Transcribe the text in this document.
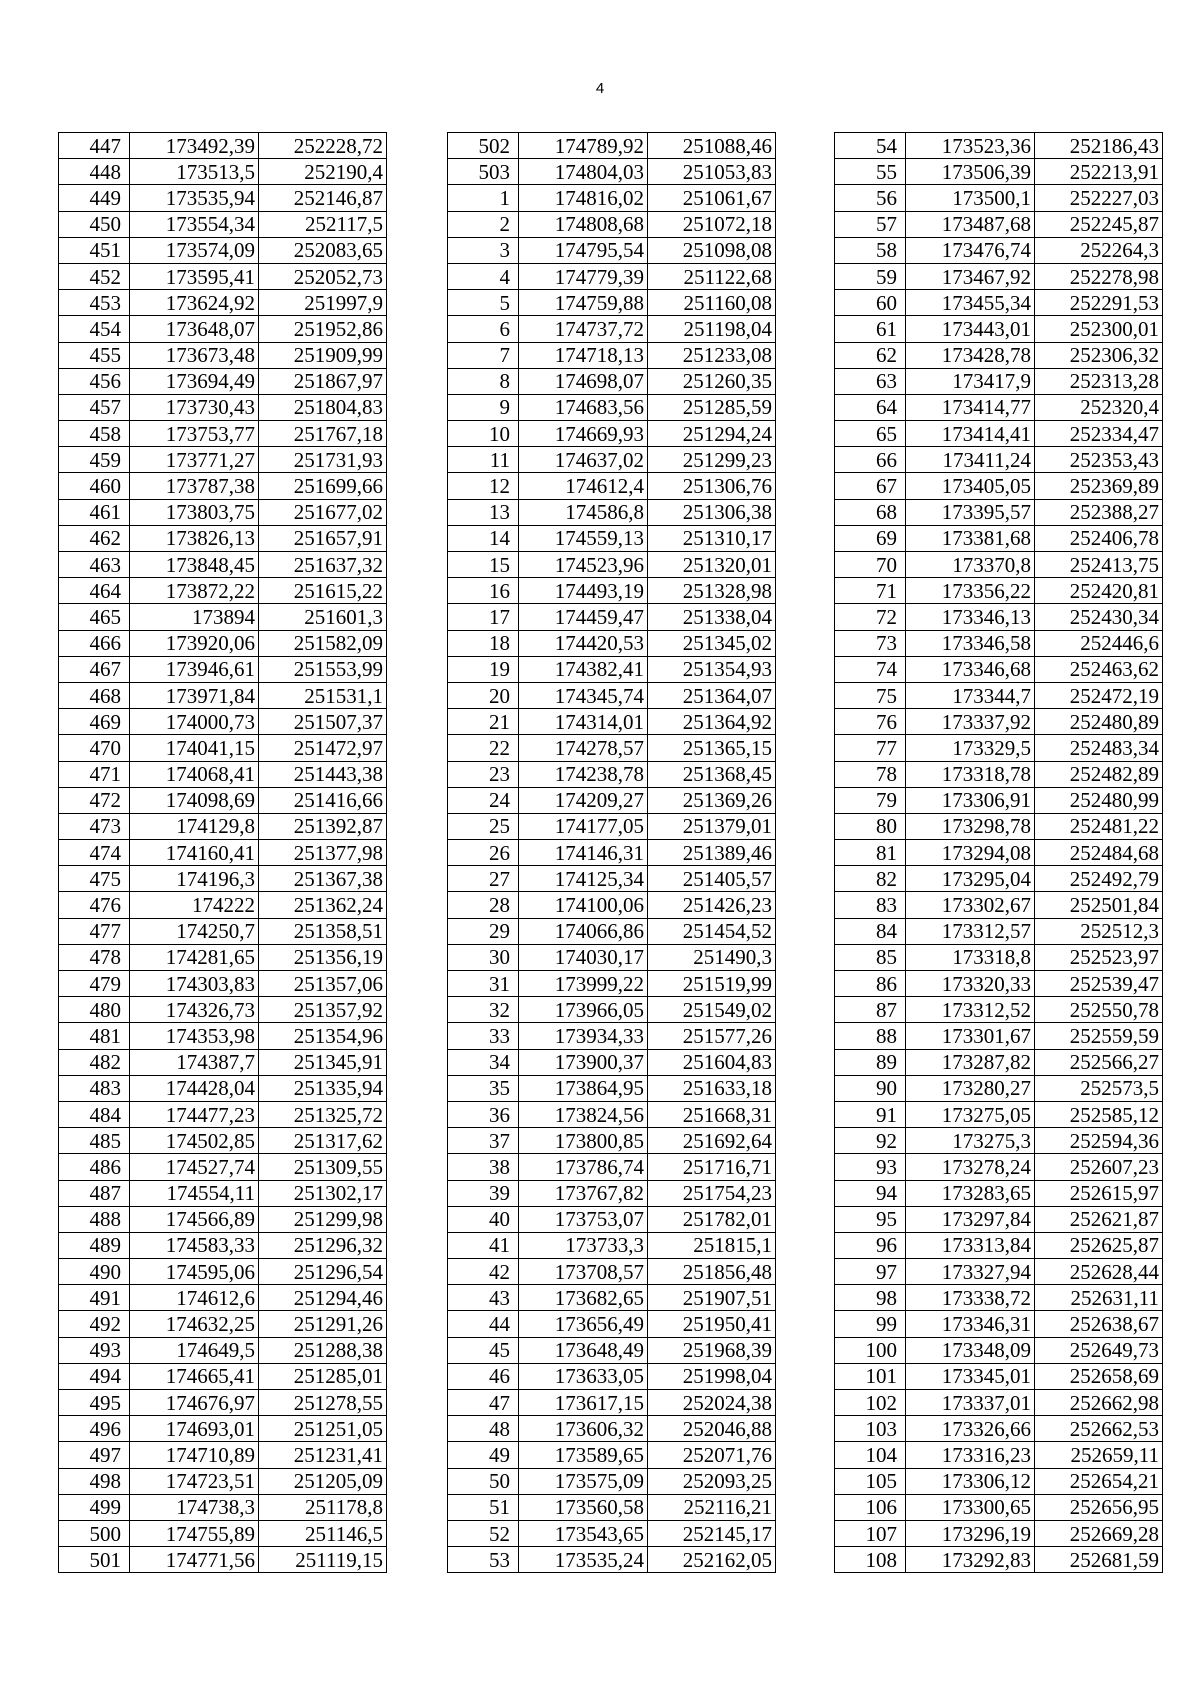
4
447	173492,39	252228,72
448	173513,5	252190,4
449	173535,94	252146,87
450	173554,34	252117,5
451	173574,09	252083,65
452	173595,41	252052,73
453	173624,92	251997,9
454	173648,07	251952,86
455	173673,48	251909,99
456	173694,49	251867,97
457	173730,43	251804,83
458	173753,77	251767,18
459	173771,27	251731,93
460	173787,38	251699,66
461	173803,75	251677,02
462	173826,13	251657,91
463	173848,45	251637,32
464	173872,22	251615,22
465	173894	251601,3
466	173920,06	251582,09
467	173946,61	251553,99
468	173971,84	251531,1
469	174000,73	251507,37
470	174041,15	251472,97
471	174068,41	251443,38
472	174098,69	251416,66
473	174129,8	251392,87
474	174160,41	251377,98
475	174196,3	251367,38
476	174222	251362,24
477	174250,7	251358,51
478	174281,65	251356,19
479	174303,83	251357,06
480	174326,73	251357,92
481	174353,98	251354,96
482	174387,7	251345,91
483	174428,04	251335,94
484	174477,23	251325,72
485	174502,85	251317,62
486	174527,74	251309,55
487	174554,11	251302,17
488	174566,89	251299,98
489	174583,33	251296,32
490	174595,06	251296,54
491	174612,6	251294,46
492	174632,25	251291,26
493	174649,5	251288,38
494	174665,41	251285,01
495	174676,97	251278,55
496	174693,01	251251,05
497	174710,89	251231,41
498	174723,51	251205,09
499	174738,3	251178,8
500	174755,89	251146,5
501	174771,56	251119,15
502	174789,92	251088,46
503	174804,03	251053,83
1	174816,02	251061,67
2	174808,68	251072,18
3	174795,54	251098,08
4	174779,39	251122,68
5	174759,88	251160,08
6	174737,72	251198,04
7	174718,13	251233,08
8	174698,07	251260,35
9	174683,56	251285,59
10	174669,93	251294,24
11	174637,02	251299,23
12	174612,4	251306,76
13	174586,8	251306,38
14	174559,13	251310,17
15	174523,96	251320,01
16	174493,19	251328,98
17	174459,47	251338,04
18	174420,53	251345,02
19	174382,41	251354,93
20	174345,74	251364,07
21	174314,01	251364,92
22	174278,57	251365,15
23	174238,78	251368,45
24	174209,27	251369,26
25	174177,05	251379,01
26	174146,31	251389,46
27	174125,34	251405,57
28	174100,06	251426,23
29	174066,86	251454,52
30	174030,17	251490,3
31	173999,22	251519,99
32	173966,05	251549,02
33	173934,33	251577,26
34	173900,37	251604,83
35	173864,95	251633,18
36	173824,56	251668,31
37	173800,85	251692,64
38	173786,74	251716,71
39	173767,82	251754,23
40	173753,07	251782,01
41	173733,3	251815,1
42	173708,57	251856,48
43	173682,65	251907,51
44	173656,49	251950,41
45	173648,49	251968,39
46	173633,05	251998,04
47	173617,15	252024,38
48	173606,32	252046,88
49	173589,65	252071,76
50	173575,09	252093,25
51	173560,58	252116,21
52	173543,65	252145,17
53	173535,24	252162,05
54	173523,36	252186,43
55	173506,39	252213,91
56	173500,1	252227,03
57	173487,68	252245,87
58	173476,74	252264,3
59	173467,92	252278,98
60	173455,34	252291,53
61	173443,01	252300,01
62	173428,78	252306,32
63	173417,9	252313,28
64	173414,77	252320,4
65	173414,41	252334,47
66	173411,24	252353,43
67	173405,05	252369,89
68	173395,57	252388,27
69	173381,68	252406,78
70	173370,8	252413,75
71	173356,22	252420,81
72	173346,13	252430,34
73	173346,58	252446,6
74	173346,68	252463,62
75	173344,7	252472,19
76	173337,92	252480,89
77	173329,5	252483,34
78	173318,78	252482,89
79	173306,91	252480,99
80	173298,78	252481,22
81	173294,08	252484,68
82	173295,04	252492,79
83	173302,67	252501,84
84	173312,57	252512,3
85	173318,8	252523,97
86	173320,33	252539,47
87	173312,52	252550,78
88	173301,67	252559,59
89	173287,82	252566,27
90	173280,27	252573,5
91	173275,05	252585,12
92	173275,3	252594,36
93	173278,24	252607,23
94	173283,65	252615,97
95	173297,84	252621,87
96	173313,84	252625,87
97	173327,94	252628,44
98	173338,72	252631,11
99	173346,31	252638,67
100	173348,09	252649,73
101	173345,01	252658,69
102	173337,01	252662,98
103	173326,66	252662,53
104	173316,23	252659,11
105	173306,12	252654,21
106	173300,65	252656,95
107	173296,19	252669,28
108	173292,83	252681,59
